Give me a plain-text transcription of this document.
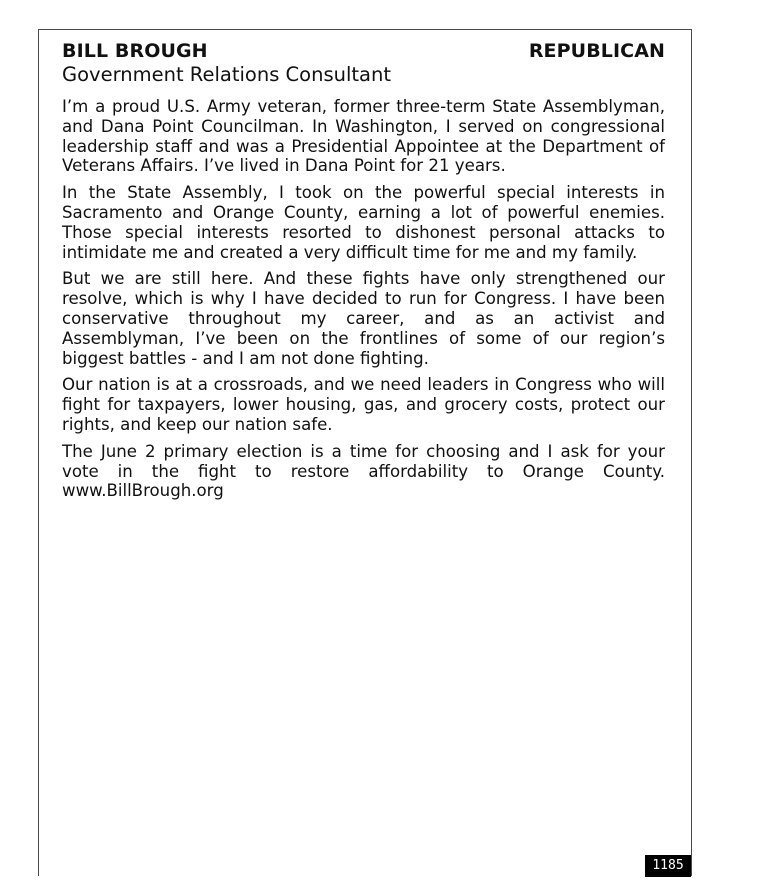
BILL BROUGH	REPUBLICAN
Government Relations Consultant

I’m a proud U.S. Army veteran, former three-term State Assemblyman, and Dana Point Councilman. In Washington, I served on congressional leadership staff and was a Presidential Appointee at the Department of Veterans Affairs. I’ve lived in Dana Point for 21 years.

In the State Assembly, I took on the powerful special interests in Sacramento and Orange County, earning a lot of powerful enemies. Those special interests resorted to dishonest personal attacks to intimidate me and created a very difficult time for me and my family.

But we are still here. And these fights have only strengthened our resolve, which is why I have decided to run for Congress. I have been conservative throughout my career, and as an activist and Assemblyman, I’ve been on the frontlines of some of our region’s biggest battles - and I am not done fighting.

Our nation is at a crossroads, and we need leaders in Congress who will fight for taxpayers, lower housing, gas, and grocery costs, protect our rights, and keep our nation safe.

The June 2 primary election is a time for choosing and I ask for your vote in the fight to restore affordability to Orange County. www.BillBrough.org

1185
